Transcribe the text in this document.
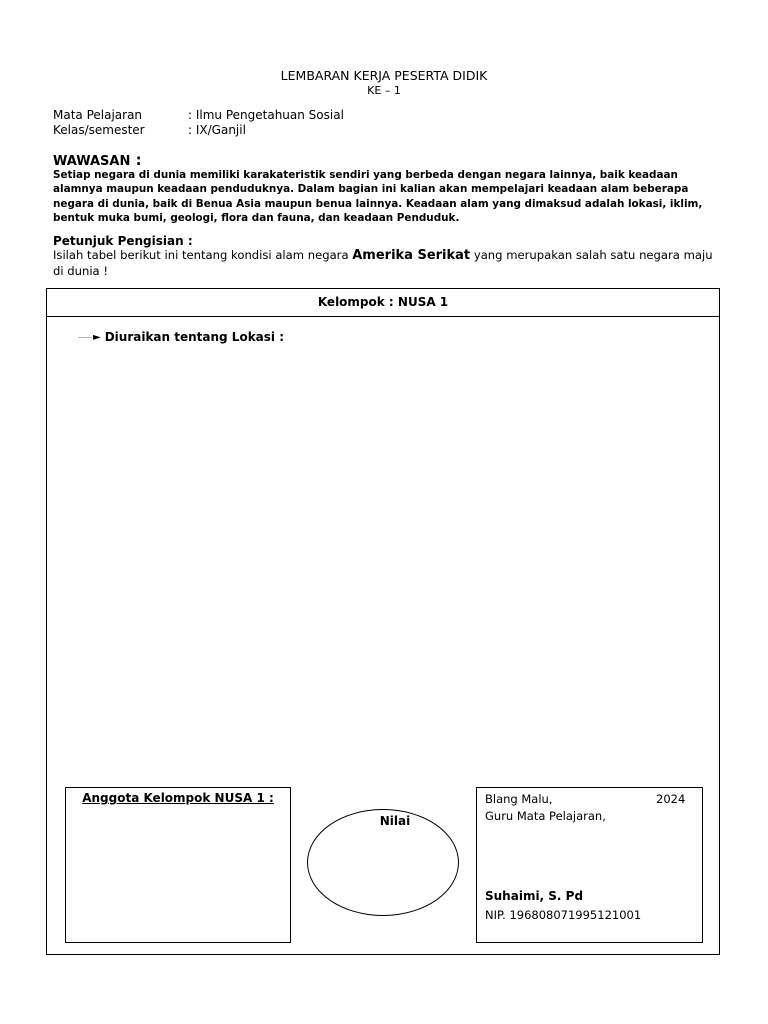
LEMBARAN KERJA PESERTA DIDIK
KE – 1
Mata Pelajaran	: Ilmu Pengetahuan Sosial
Kelas/semester	: IX/Ganjil
WAWASAN :
Setiap negara di dunia memiliki karakateristik sendiri yang berbeda dengan negara lainnya, baik keadaan alamnya maupun keadaan penduduknya. Dalam bagian ini kalian akan mempelajari keadaan alam beberapa negara di dunia, baik di Benua Asia maupun benua lainnya. Keadaan alam yang dimaksud adalah lokasi, iklim, bentuk muka bumi, geologi, flora dan fauna, dan keadaan Penduduk.
Petunjuk Pengisian :
Isilah tabel berikut ini tentang kondisi alam negara Amerika Serikat yang merupakan salah satu negara maju di dunia !
Kelompok : NUSA 1
► Diuraikan tentang Lokasi :
Anggota Kelompok NUSA 1 :
Nilai
Blang Malu,	2024
Guru Mata Pelajaran,
Suhaimi, S. Pd
NIP. 196808071995121001
